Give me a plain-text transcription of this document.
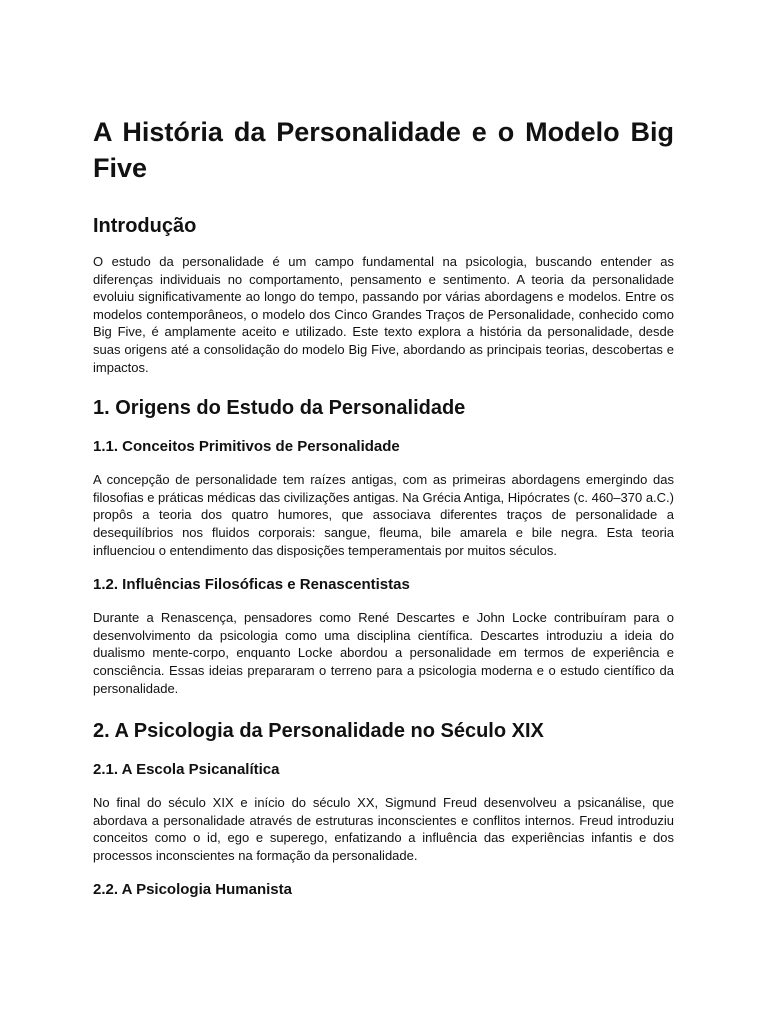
A História da Personalidade e o Modelo Big Five
Introdução

O estudo da personalidade é um campo fundamental na psicologia, buscando entender as diferenças individuais no comportamento, pensamento e sentimento. A teoria da personalidade evoluiu significativamente ao longo do tempo, passando por várias abordagens e modelos. Entre os modelos contemporâneos, o modelo dos Cinco Grandes Traços de Personalidade, conhecido como Big Five, é amplamente aceito e utilizado. Este texto explora a história da personalidade, desde suas origens até a consolidação do modelo Big Five, abordando as principais teorias, descobertas e impactos.

1. Origens do Estudo da Personalidade
1.1. Conceitos Primitivos de Personalidade

A concepção de personalidade tem raízes antigas, com as primeiras abordagens emergindo das filosofias e práticas médicas das civilizações antigas. Na Grécia Antiga, Hipócrates (c. 460–370 a.C.) propôs a teoria dos quatro humores, que associava diferentes traços de personalidade a desequilíbrios nos fluidos corporais: sangue, fleuma, bile amarela e bile negra. Esta teoria influenciou o entendimento das disposições temperamentais por muitos séculos.

1.2. Influências Filosóficas e Renascentistas

Durante a Renascença, pensadores como René Descartes e John Locke contribuíram para o desenvolvimento da psicologia como uma disciplina científica. Descartes introduziu a ideia do dualismo mente-corpo, enquanto Locke abordou a personalidade em termos de experiência e consciência. Essas ideias prepararam o terreno para a psicologia moderna e o estudo científico da personalidade.

2. A Psicologia da Personalidade no Século XIX
2.1. A Escola Psicanalítica

No final do século XIX e início do século XX, Sigmund Freud desenvolveu a psicanálise, que abordava a personalidade através de estruturas inconscientes e conflitos internos. Freud introduziu conceitos como o id, ego e superego, enfatizando a influência das experiências infantis e dos processos inconscientes na formação da personalidade.

2.2. A Psicologia Humanista
